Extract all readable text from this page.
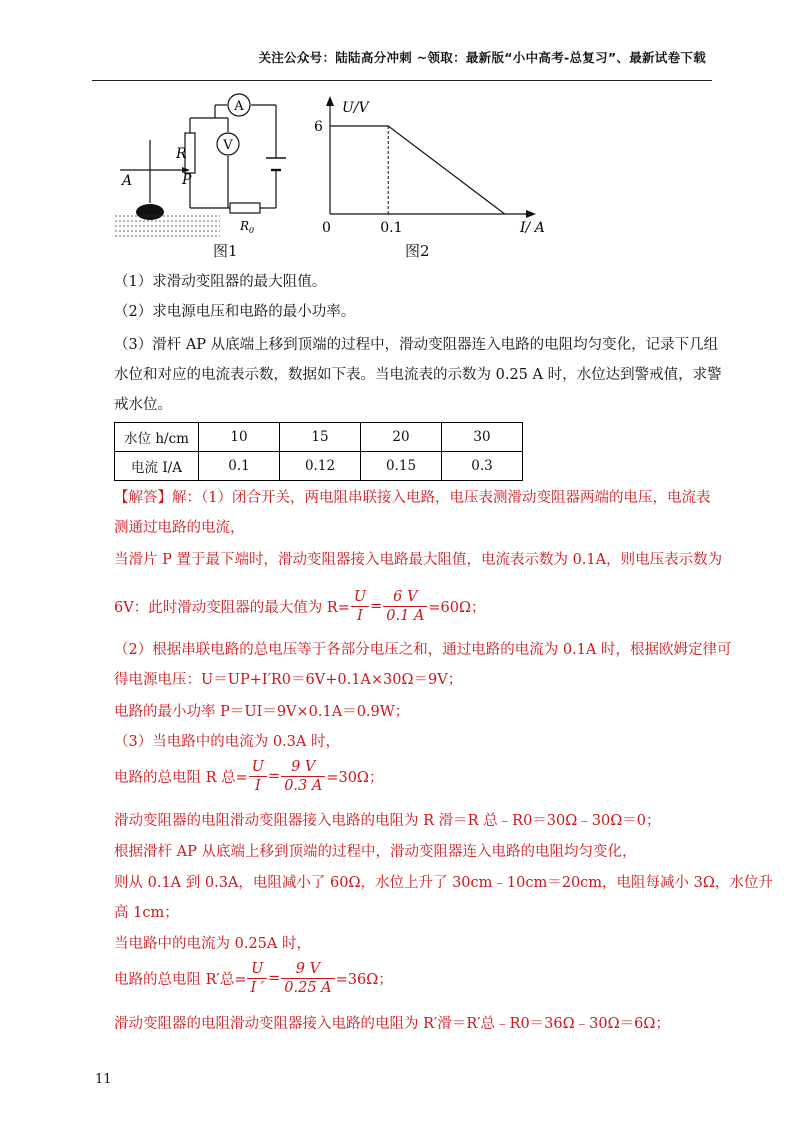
关注公众号：陆陆高分冲刺 ~领取：最新版“小中高考-总复习”、最新试卷下载
A
V
R
P
A
$R_0$
图1
U/V
I/ A
0
6
0.1
图2
（1）求滑动变阻器的最大阻值。
（2）求电源电压和电路的最小功率。
（3）滑杆 AP 从底端上移到顶端的过程中，滑动变阻器连入电路的电阻均匀变化，记录下几组
水位和对应的电流表示数，数据如下表。当电流表的示数为 0.25 A 时，水位达到警戒值，求警
戒水位。
水位 h/cm	10	15	20	30
电流 I/A	0.1	0.12	0.15	0.3
【解答】解：（1）闭合开关，两电阻串联接入电路，电压表测滑动变阻器两端的电压，电流表
测通过电路的电流，
当滑片 P 置于最下端时，滑动变阻器接入电路最大阻值，电流表示数为 0.1A，则电压表示数为
6V：此时滑动变阻器的最大值为 $R= \frac{U}{I} = \frac{6 V}{0.1 A} =60\Omega$；
（2）根据串联电路的总电压等于各部分电压之和，通过电路的电流为 0.1A 时，根据欧姆定律可
得电源电压：U＝UP+I′R0＝6V+0.1A×30Ω＝9V；
电路的最小功率 P＝UI＝9V×0.1A＝0.9W；
（3）当电路中的电流为 0.3A 时，
电路的总电阻 R 总= $\frac{U}{I} = \frac{9 V}{0.3 A} =30\Omega$；
滑动变阻器的电阻滑动变阻器接入电路的电阻为 R 滑＝R 总﹣R0＝30Ω﹣30Ω＝0；
根据滑杆 AP 从底端上移到顶端的过程中，滑动变阻器连入电路的电阻均匀变化，
则从 0.1A 到 0.3A，电阻减小了 60Ω，水位上升了 30cm﹣10cm＝20cm，电阻每减小 3Ω，水位升
高 1cm；
当电路中的电流为 0.25A 时，
电路的总电阻 R′总= $\frac{U}{I '} = \frac{9 V}{0.25 A} =36\Omega$；
滑动变阻器的电阻滑动变阻器接入电路的电阻为 R′滑＝R′总﹣R0＝36Ω﹣30Ω＝6Ω；
11
